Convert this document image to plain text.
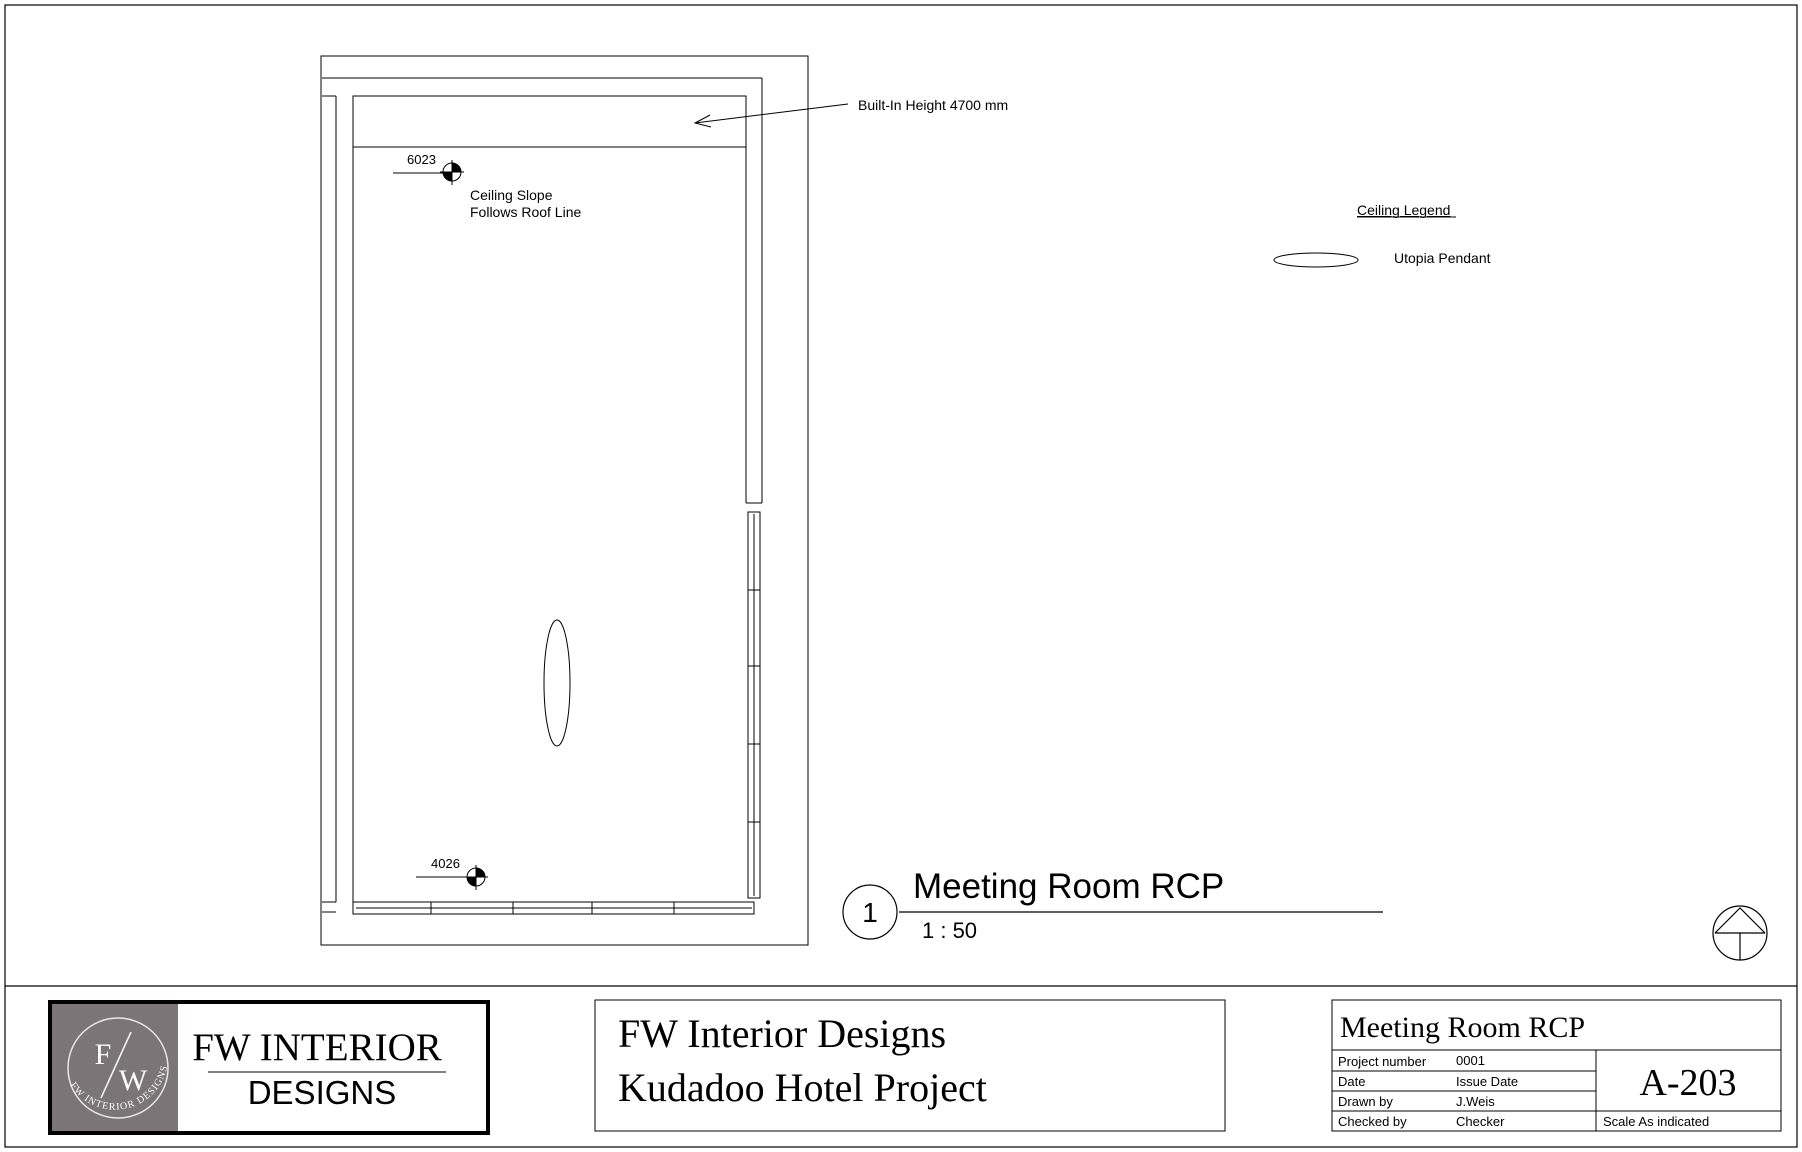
Built-In Height 4700 mm
6023
Ceiling Slope
Follows Roof Line
4026
Ceiling Legend
Utopia Pendant
1
Meeting Room RCP
1 : 50
F
W
FW INTERIOR DESIGNS FW INTERIOR
DESIGNS
FW Interior Designs
Kudadoo Hotel Project
Meeting Room RCP
Project number 0001
Date	Issue Date
Drawn by	J.Weis
Checked by	Checker
A-203
Scale As indicated
